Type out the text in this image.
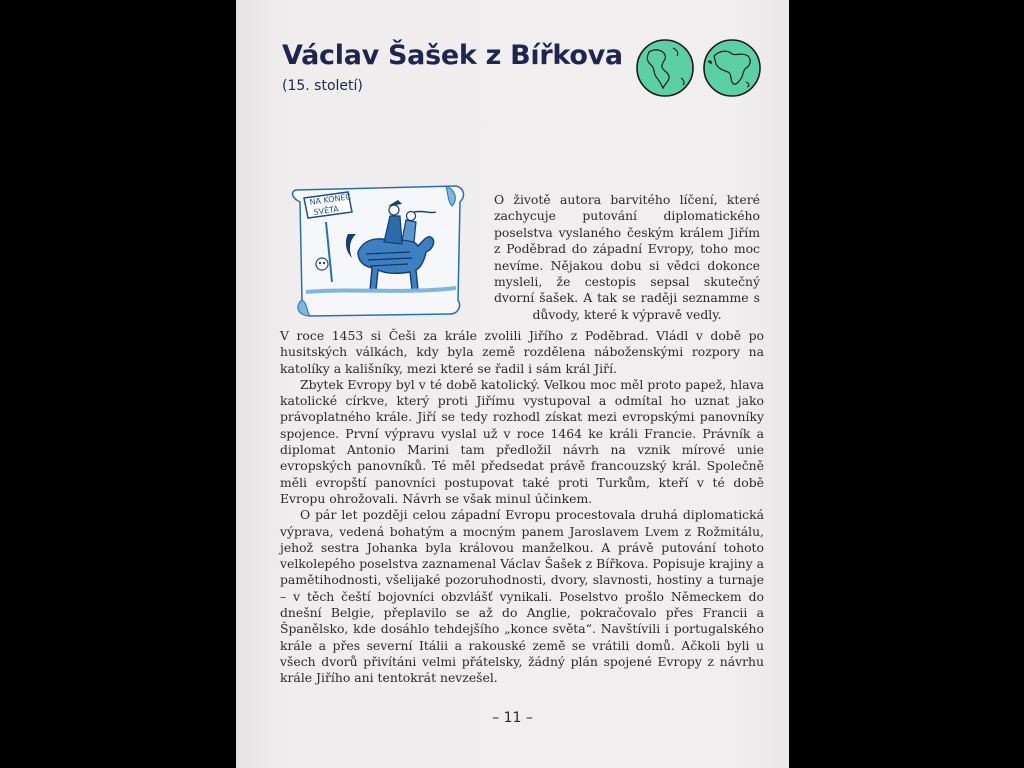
Václav Šašek z Bířkova
(15. století)
NA KONEC
SVĚTA

O životě autora barvitého líčení, které zachycuje putování diplomatického poselstva vyslaného českým králem Jiřím z Poděbrad do západní Evropy, toho moc nevíme. Nějakou dobu si vědci dokonce mysleli, že cestopis sepsal skutečný dvorní šašek. A tak se raději seznamme s důvody, které k výpravě vedly.

V roce 1453 si Češi za krále zvolili Jiřího z Poděbrad. Vládl v době po husitských válkách, kdy byla země rozdělena náboženskými rozpory na katolíky a kališníky, mezi které se řadil i sám král Jiří.

Zbytek Evropy byl v té době katolický. Velkou moc měl proto papež, hlava katolické církve, který proti Jiřímu vystupoval a odmítal ho uznat jako právoplatného krále. Jiří se tedy rozhodl získat mezi evropskými panovníky spojence. První výpravu vyslal už v roce 1464 ke králi Francie. Právník a diplomat Antonio Marini tam předložil návrh na vznik mírové unie evropských panovníků. Té měl předsedat právě francouzský král. Společně měli evropští panovníci postupovat také proti Turkům, kteří v té době Evropu ohrožovali. Návrh se však minul účinkem.

O pár let později celou západní Evropu procestovala druhá diplomatická výprava, vedená bohatým a mocným panem Jaroslavem Lvem z Rožmitálu, jehož sestra Johanka byla královou manželkou. A právě putování tohoto velkolepého poselstva zaznamenal Václav Šašek z Bířkova. Popisuje krajiny a pamětihodnosti, všelijaké pozoruhodnosti, dvory, slavnosti, hostiny a turnaje – v těch čeští bojovníci obzvlášť vynikali. Poselstvo prošlo Německem do dnešní Belgie, přeplavilo se až do Anglie, pokračovalo přes Francii a Španělsko, kde dosáhlo tehdejšího „konce světa“. Navštívili i portugalského krále a přes severní Itálii a rakouské země se vrátili domů. Ačkoli byli u všech dvorů přivítáni velmi přátelsky, žádný plán spojené Evropy z návrhu krále Jiřího ani tentokrát nevzešel.

– 11 –
